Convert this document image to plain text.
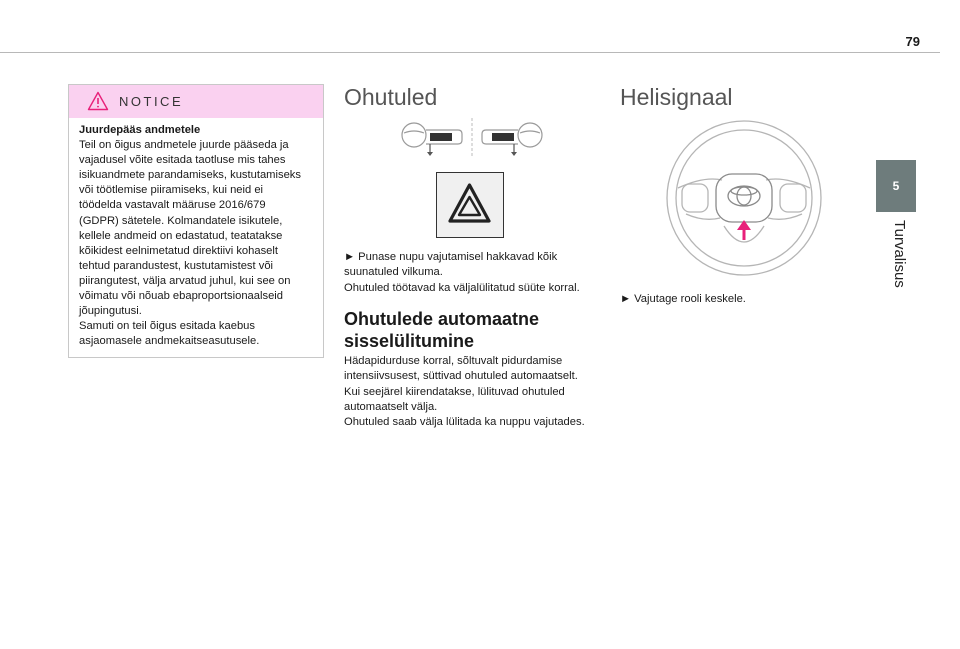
79
5
Turvalisus
NOTICE
Juurdepääs andmetele
Teil on õigus andmetele juurde pääseda ja
vajadusel võite esitada taotluse mis tahes
isikuandmete parandamiseks, kustutamiseks
või töötlemise piiramiseks, kui neid ei
töödelda vastavalt määruse 2016/679
(GDPR) sätetele. Kolmandatele isikutele,
kellele andmeid on edastatud, teatatakse
kõikidest eelnimetatud direktiivi kohaselt
tehtud parandustest, kustutamistest või
piirangutest, välja arvatud juhul, kui see on
võimatu või nõuab ebaproportsionaalseid
jõupingutusi.
Samuti on teil õigus esitada kaebus
asjaomasele andmekaitseasutusele.
Ohutuled
► Punase nupu vajutamisel hakkavad kõik
suunatuled vilkuma.
Ohutuled töötavad ka väljalülitatud süüte korral.
Ohutulede automaatne
sisselülitumine
Hädapidurduse korral, sõltuvalt pidurdamise
intensiivsusest, süttivad ohutuled automaatselt.
Kui seejärel kiirendatakse, lülituvad ohutuled
automaatselt välja.
Ohutuled saab välja lülitada ka nuppu vajutades.
Helisignaal
► Vajutage rooli keskele.
